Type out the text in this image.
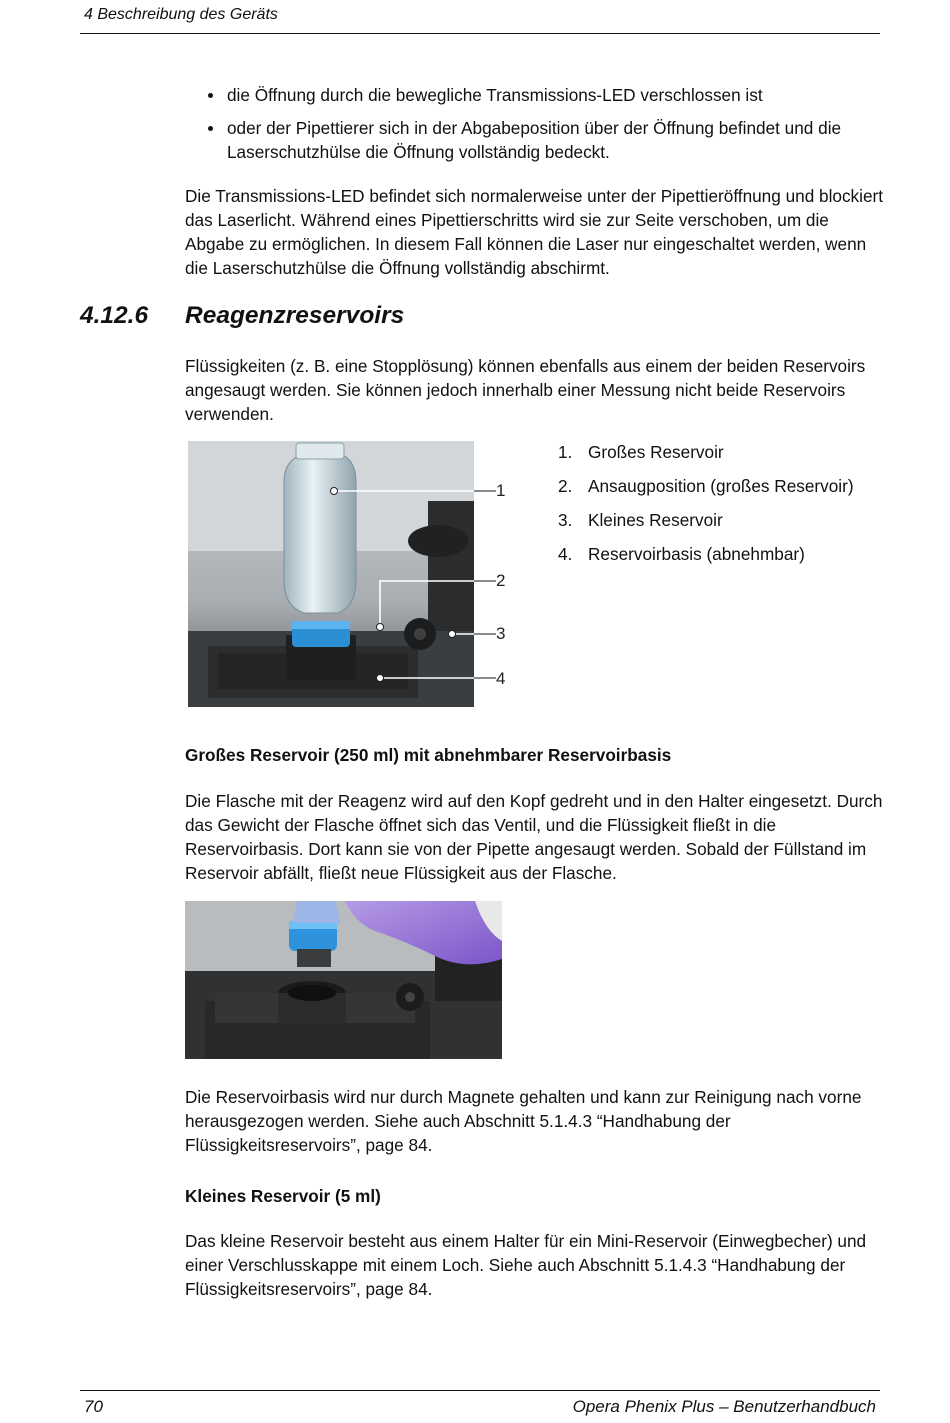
4 Beschreibung des Geräts
die Öffnung durch die bewegliche Transmissions-LED verschlossen ist
oder der Pipettierer sich in der Abgabeposition über der Öffnung befindet und die Laserschutzhülse die Öffnung vollständig bedeckt.
Die Transmissions-LED befindet sich normalerweise unter der Pipettieröffnung und blockiert das Laserlicht. Während eines Pipettierschritts wird sie zur Seite verschoben, um die Abgabe zu ermöglichen. In diesem Fall können die Laser nur eingeschaltet werden, wenn die Laserschutzhülse die Öffnung vollständig abschirmt.
4.12.6 Reagenzreservoirs
Flüssigkeiten (z. B. eine Stopplösung) können ebenfalls aus einem der beiden Reservoirs angesaugt werden. Sie können jedoch innerhalb einer Messung nicht beide Reservoirs verwenden.
1
2
3
4
1. Großes Reservoir
2. Ansaugposition (großes Reservoir)
3. Kleines Reservoir
4. Reservoirbasis (abnehmbar)
Großes Reservoir (250 ml) mit abnehmbarer Reservoirbasis
Die Flasche mit der Reagenz wird auf den Kopf gedreht und in den Halter eingesetzt. Durch das Gewicht der Flasche öffnet sich das Ventil, und die Flüssigkeit fließt in die Reservoirbasis. Dort kann sie von der Pipette angesaugt werden. Sobald der Füllstand im Reservoir abfällt, fließt neue Flüssigkeit aus der Flasche.
Die Reservoirbasis wird nur durch Magnete gehalten und kann zur Reinigung nach vorne herausgezogen werden. Siehe auch Abschnitt 5.1.4.3 “Handhabung der Flüssigkeitsreservoirs”, page 84.
Kleines Reservoir (5 ml)
Das kleine Reservoir besteht aus einem Halter für ein Mini-Reservoir (Einwegbecher) und einer Verschlusskappe mit einem Loch. Siehe auch Abschnitt 5.1.4.3 “Handhabung der Flüssigkeitsreservoirs”, page 84.
70	Opera Phenix Plus – Benutzerhandbuch
